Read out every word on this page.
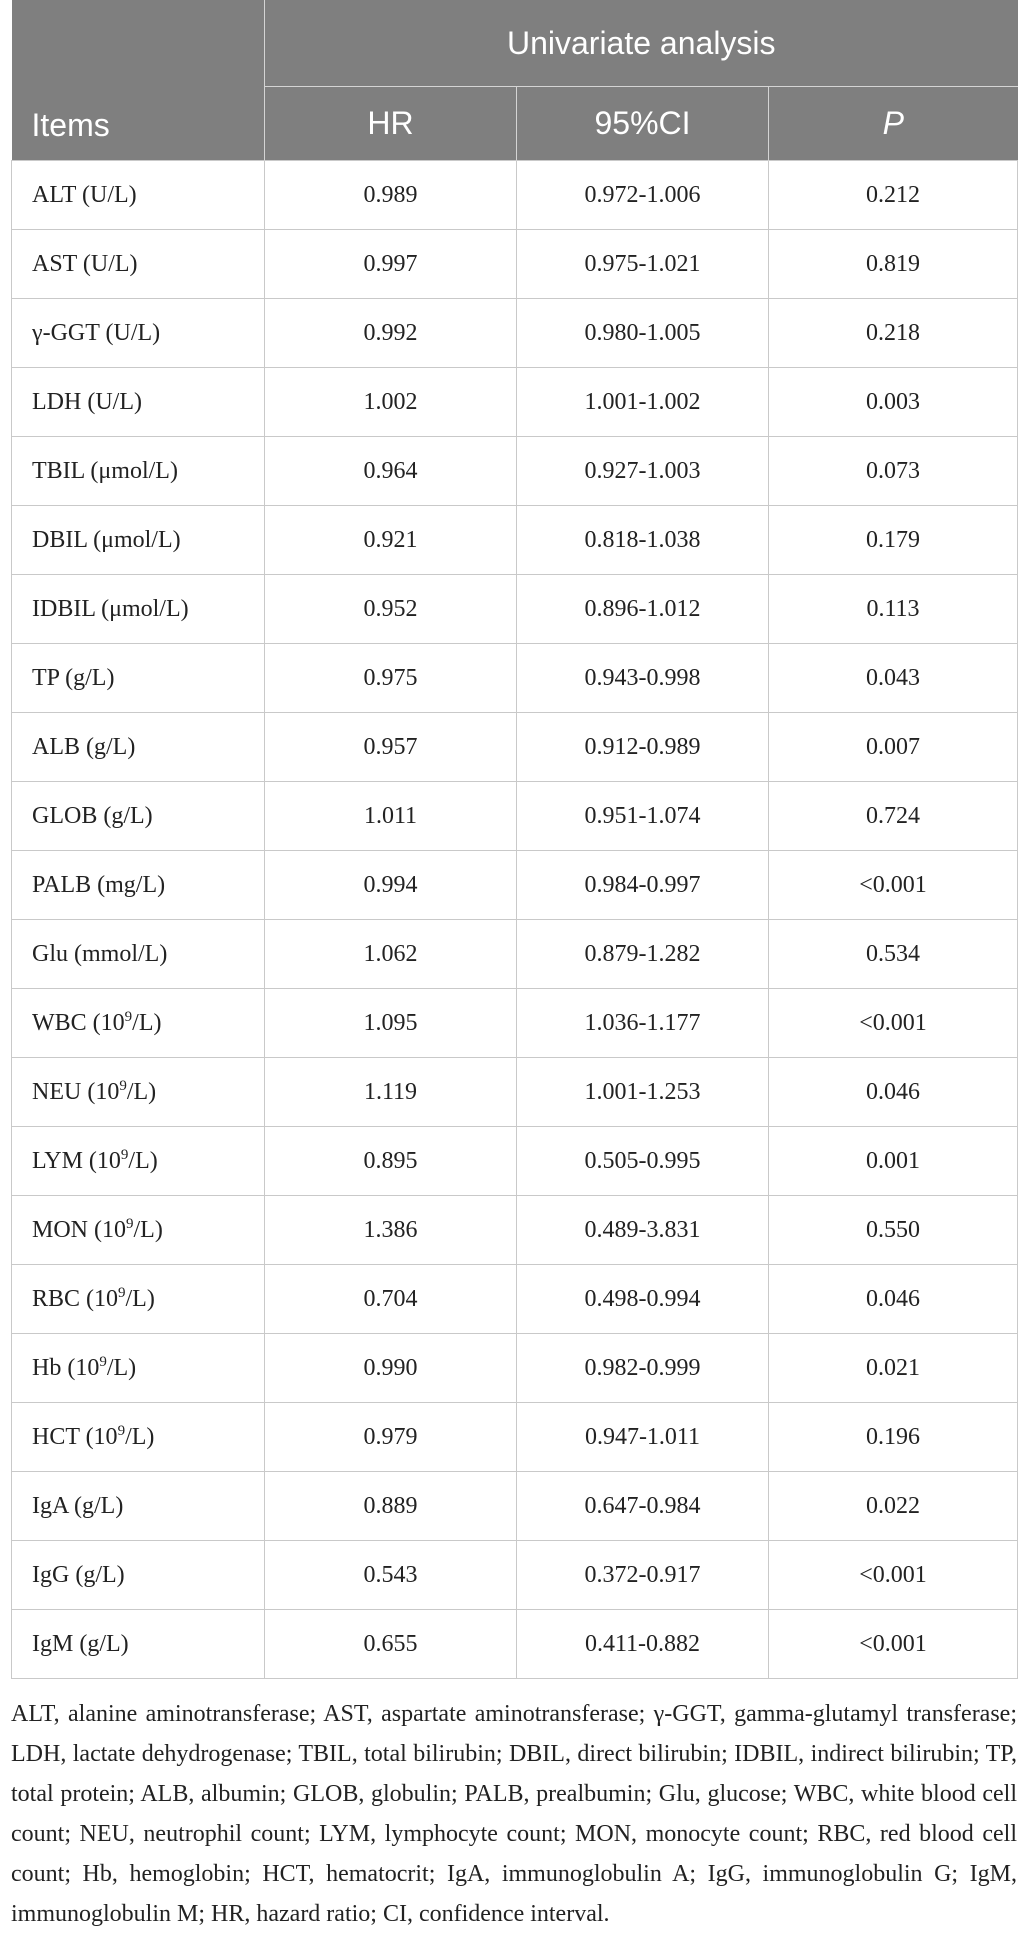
Items	Univariate analysis		
	HR	95%CI	P
ALT (U/L)	0.989	0.972-1.006	0.212
AST (U/L)	0.997	0.975-1.021	0.819
γ-GGT (U/L)	0.992	0.980-1.005	0.218
LDH (U/L)	1.002	1.001-1.002	0.003
TBIL (μmol/L)	0.964	0.927-1.003	0.073
DBIL (μmol/L)	0.921	0.818-1.038	0.179
IDBIL (μmol/L)	0.952	0.896-1.012	0.113
TP (g/L)	0.975	0.943-0.998	0.043
ALB (g/L)	0.957	0.912-0.989	0.007
GLOB (g/L)	1.011	0.951-1.074	0.724
PALB (mg/L)	0.994	0.984-0.997	<0.001
Glu (mmol/L)	1.062	0.879-1.282	0.534
WBC $(10^9/L)$	1.095	1.036-1.177	<0.001
NEU $(10^9/L)$	1.119	1.001-1.253	0.046
LYM $(10^9/L)$	0.895	0.505-0.995	0.001
MON $(10^9/L)$	1.386	0.489-3.831	0.550
RBC $(10^9/L)$	0.704	0.498-0.994	0.046
Hb $(10^9/L)$	0.990	0.982-0.999	0.021
HCT $(10^9/L)$	0.979	0.947-1.011	0.196
IgA (g/L)	0.889	0.647-0.984	0.022
IgG (g/L)	0.543	0.372-0.917	<0.001
IgM (g/L)	0.655	0.411-0.882	<0.001

ALT, alanine aminotransferase; AST, aspartate aminotransferase; γ-GGT, gamma-glutamyl transferase; LDH, lactate dehydrogenase; TBIL, total bilirubin; DBIL, direct bilirubin; IDBIL, indirect bilirubin; TP, total protein; ALB, albumin; GLOB, globulin; PALB, prealbumin; Glu, glucose; WBC, white blood cell count; NEU, neutrophil count; LYM, lymphocyte count; MON, monocyte count; RBC, red blood cell count; Hb, hemoglobin; HCT, hematocrit; IgA, immunoglobulin A; IgG, immunoglobulin G; IgM, immunoglobulin M; HR, hazard ratio; CI, confidence interval.
